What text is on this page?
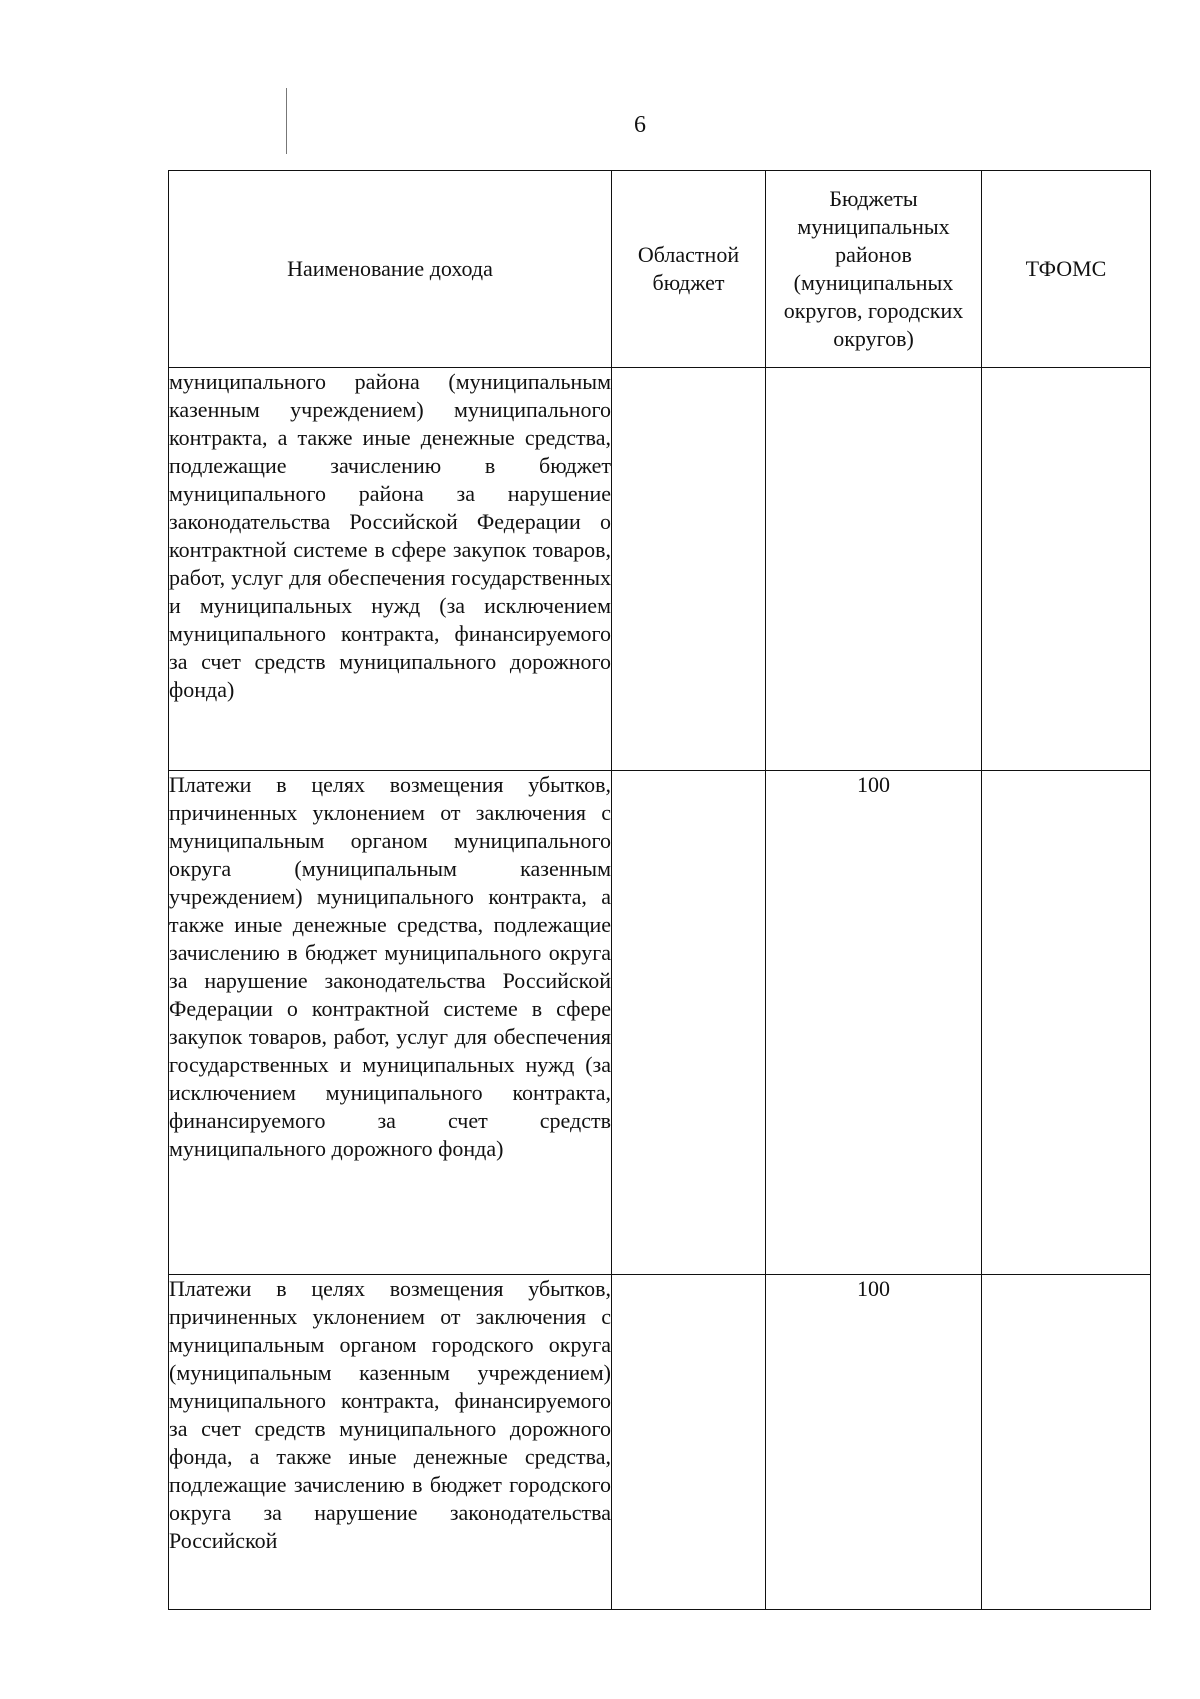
6
Наименование дохода	Областной бюджет	Бюджеты муниципальных районов (муниципальных округов, городских округов)	ТФОМС

муниципального района (муниципальным казенным учреждением) муниципального контракта, а также иные денежные средства, подлежащие зачислению в бюджет муниципального района за нарушение законодательства Российской Федерации о контрактной системе в сфере закупок товаров, работ, услуг для обеспечения государственных и муниципальных нужд (за исключением муниципального контракта, финансируемого за счет средств муниципального дорожного фонда)			
Платежи в целях возмещения убытков, причиненных уклонением от заключения с муниципальным органом муниципального округа (муниципальным казенным учреждением) муниципального контракта, а также иные денежные средства, подлежащие зачислению в бюджет муниципального округа за нарушение законодательства Российской Федерации о контрактной системе в сфере закупок товаров, работ, услуг для обеспечения государственных и муниципальных нужд (за исключением муниципального контракта, финансируемого за счет средств муниципального дорожного фонда)		100	
Платежи в целях возмещения убытков, причиненных уклонением от заключения с муниципальным органом городского округа (муниципальным казенным учреждением) муниципального контракта, финансируемого за счет средств муниципального дорожного фонда, а также иные денежные средства, подлежащие зачислению в бюджет городского округа за нарушение законодательства Российской		100	
